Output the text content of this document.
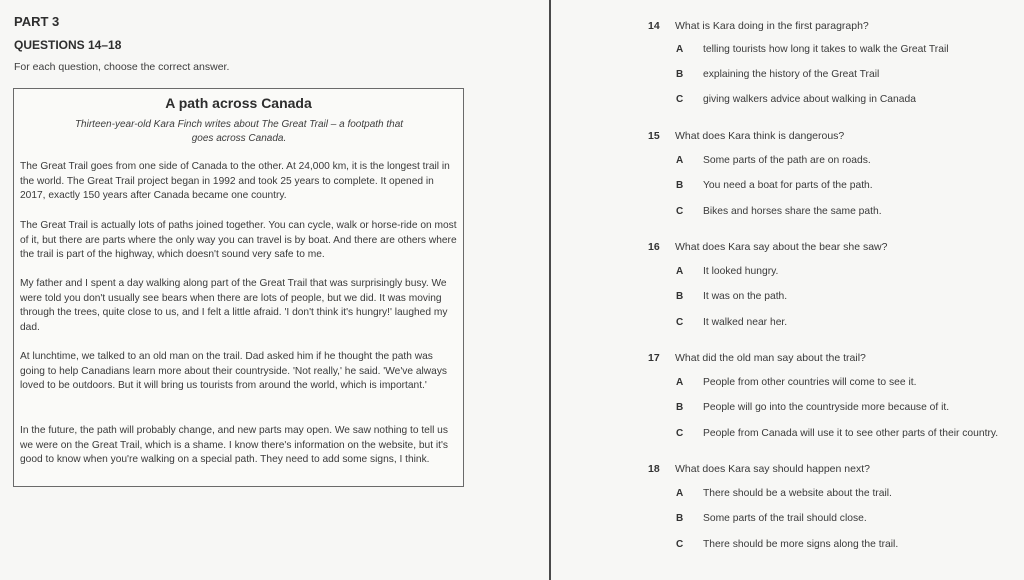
PART 3
QUESTIONS 14–18
For each question, choose the correct answer.
A path across Canada
Thirteen-year-old Kara Finch writes about The Great Trail – a footpath that goes across Canada.
The Great Trail goes from one side of Canada to the other. At 24,000 km, it is the longest trail in the world. The Great Trail project began in 1992 and took 25 years to complete. It opened in 2017, exactly 150 years after Canada became one country.
The Great Trail is actually lots of paths joined together. You can cycle, walk or horse-ride on most of it, but there are parts where the only way you can travel is by boat. And there are others where the trail is part of the highway, which doesn't sound very safe to me.
My father and I spent a day walking along part of the Great Trail that was surprisingly busy. We were told you don't usually see bears when there are lots of people, but we did. It was moving through the trees, quite close to us, and I felt a little afraid. 'I don't think it's hungry!' laughed my dad.
At lunchtime, we talked to an old man on the trail. Dad asked him if he thought the path was going to help Canadians learn more about their countryside. 'Not really,' he said. 'We've always loved to be outdoors. But it will bring us tourists from around the world, which is important.'
In the future, the path will probably change, and new parts may open. We saw nothing to tell us we were on the Great Trail, which is a shame. I know there's information on the website, but it's good to know when you're walking on a special path. They need to add some signs, I think.
14 What is Kara doing in the first paragraph?
A telling tourists how long it takes to walk the Great Trail
B explaining the history of the Great Trail
C giving walkers advice about walking in Canada
15 What does Kara think is dangerous?
A Some parts of the path are on roads.
B You need a boat for parts of the path.
C Bikes and horses share the same path.
16 What does Kara say about the bear she saw?
A It looked hungry.
B It was on the path.
C It walked near her.
17 What did the old man say about the trail?
A People from other countries will come to see it.
B People will go into the countryside more because of it.
C People from Canada will use it to see other parts of their country.
18 What does Kara say should happen next?
A There should be a website about the trail.
B Some parts of the trail should close.
C There should be more signs along the trail.
